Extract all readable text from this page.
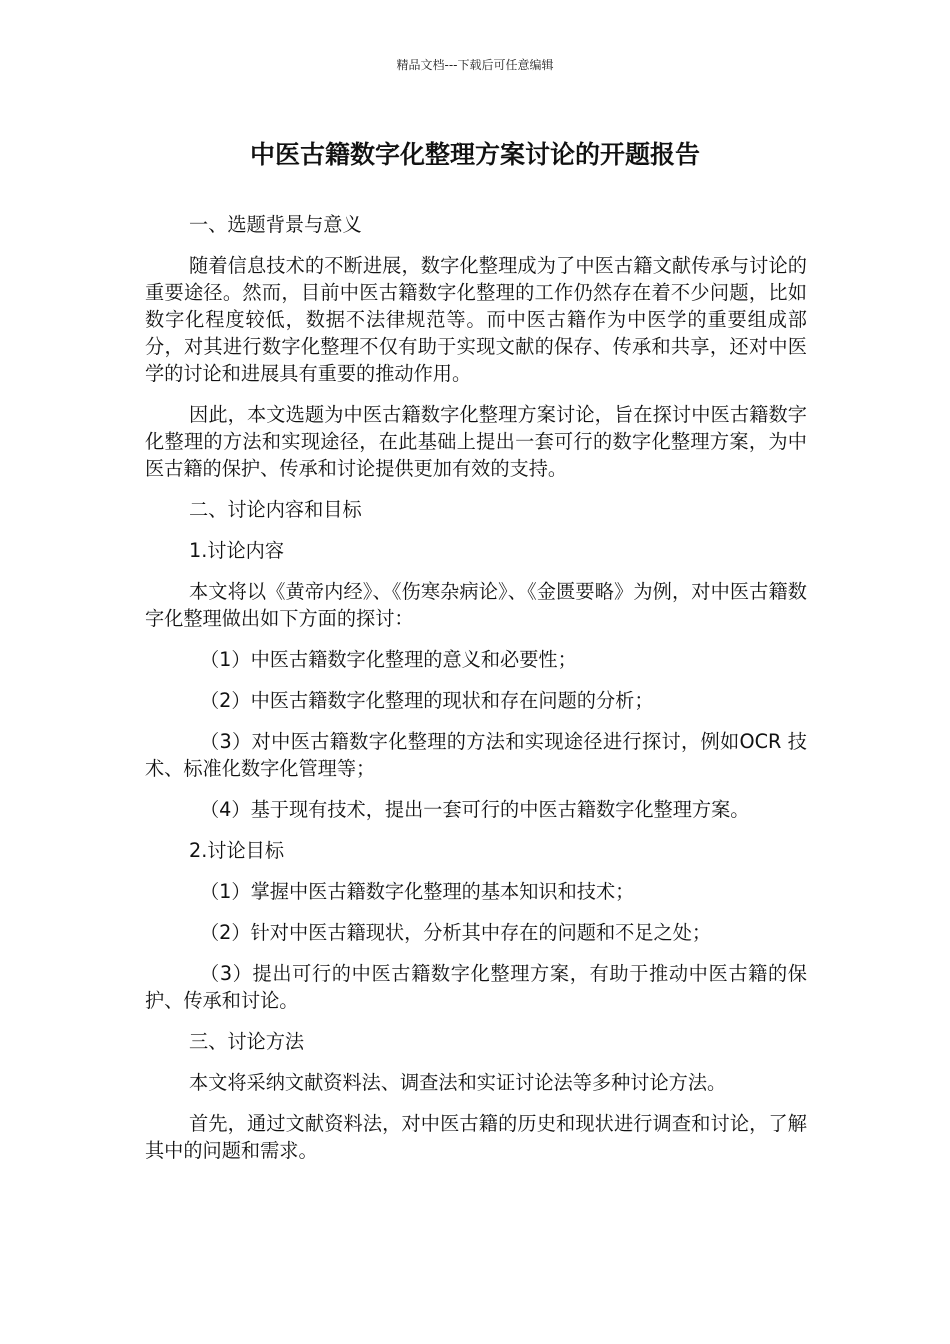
精品文档---下载后可任意编辑
中医古籍数字化整理方案讨论的开题报告

一、选题背景与意义

随着信息技术的不断进展，数字化整理成为了中医古籍文献传承与讨论的重要途径。然而，目前中医古籍数字化整理的工作仍然存在着不少问题，比如数字化程度较低，数据不法律规范等。而中医古籍作为中医学的重要组成部分，对其进行数字化整理不仅有助于实现文献的保存、传承和共享，还对中医学的讨论和进展具有重要的推动作用。

因此，本文选题为中医古籍数字化整理方案讨论，旨在探讨中医古籍数字化整理的方法和实现途径，在此基础上提出一套可行的数字化整理方案，为中医古籍的保护、传承和讨论提供更加有效的支持。

二、讨论内容和目标

1.讨论内容

本文将以《黄帝内经》、《伤寒杂病论》、《金匮要略》为例，对中医古籍数字化整理做出如下方面的探讨：

（1）中医古籍数字化整理的意义和必要性；

（2）中医古籍数字化整理的现状和存在问题的分析；

（3）对中医古籍数字化整理的方法和实现途径进行探讨，例如OCR 技术、标准化数字化管理等；

（4）基于现有技术，提出一套可行的中医古籍数字化整理方案。

2.讨论目标

（1）掌握中医古籍数字化整理的基本知识和技术；

（2）针对中医古籍现状，分析其中存在的问题和不足之处；

（3）提出可行的中医古籍数字化整理方案，有助于推动中医古籍的保护、传承和讨论。

三、讨论方法

本文将采纳文献资料法、调查法和实证讨论法等多种讨论方法。

首先，通过文献资料法，对中医古籍的历史和现状进行调查和讨论，了解其中的问题和需求。
